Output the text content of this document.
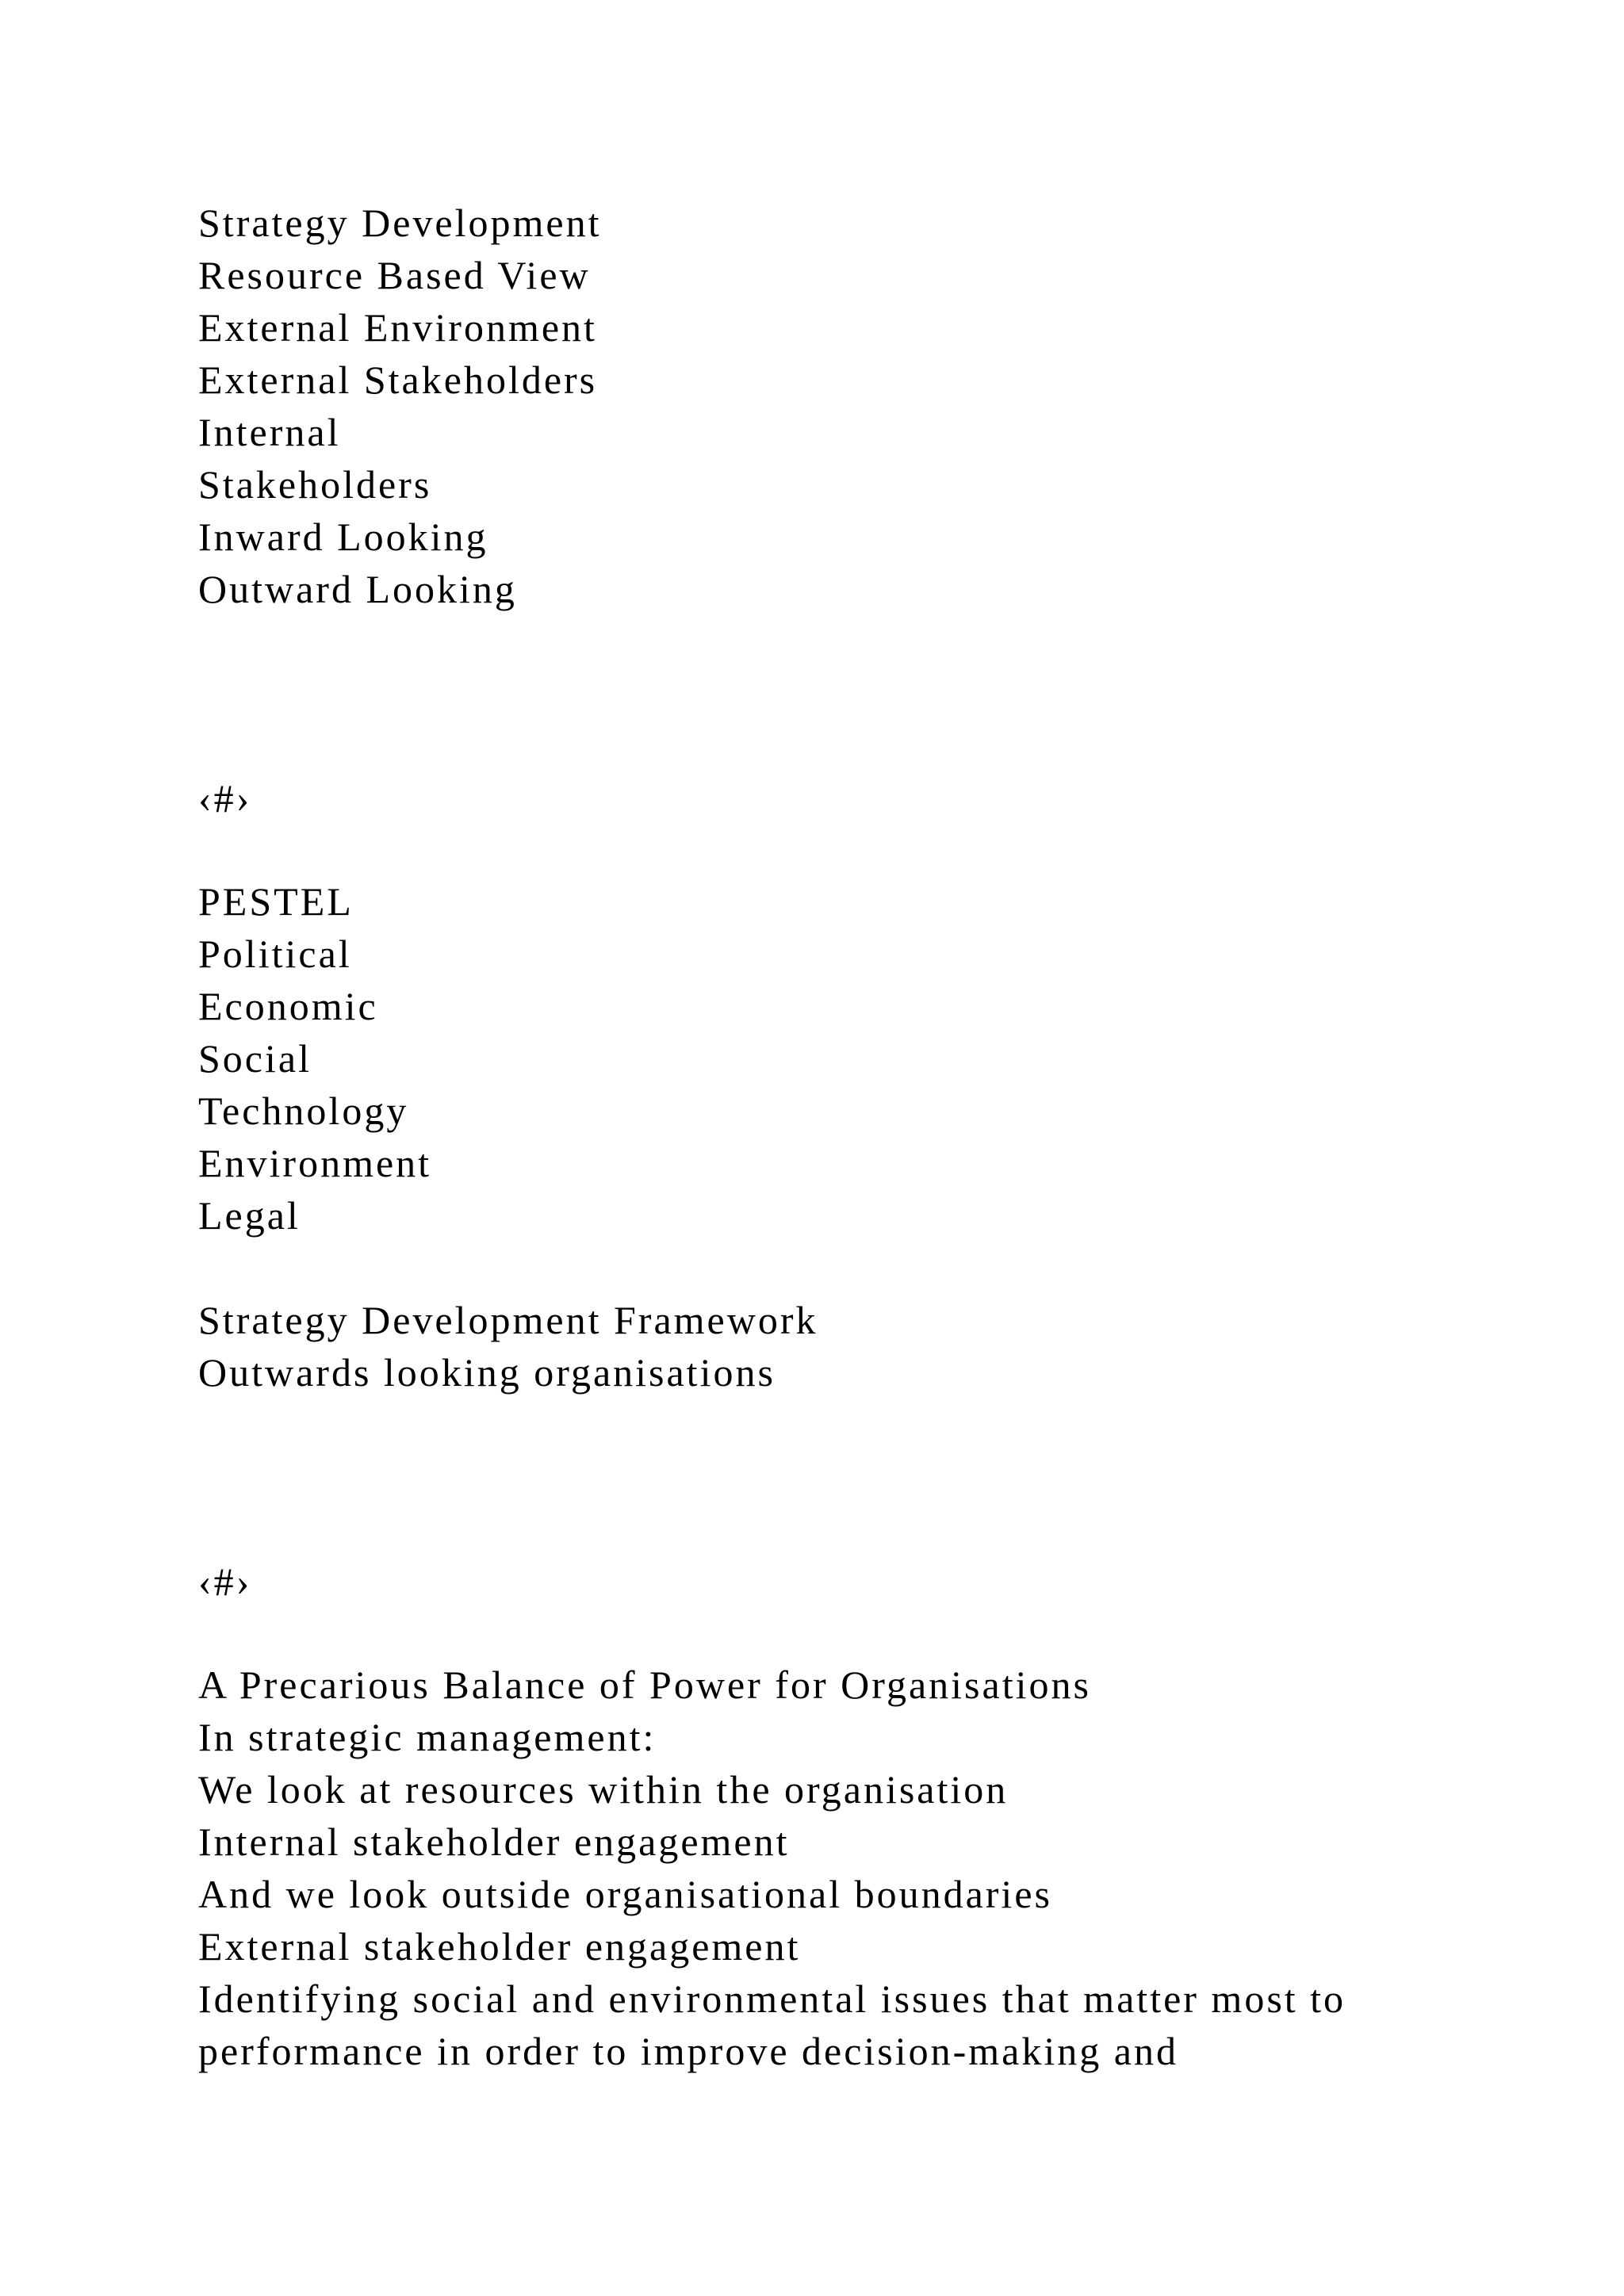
Strategy Development
Resource Based View
External Environment
External Stakeholders
Internal
Stakeholders
Inward Looking
Outward Looking
‹#›
PESTEL
Political
Economic
Social
Technology
Environment
Legal
Strategy Development Framework
Outwards looking organisations
‹#›
A Precarious Balance of Power for Organisations
In strategic management:
We look at resources within the organisation
Internal stakeholder engagement
And we look outside organisational boundaries
External stakeholder engagement
Identifying social and environmental issues that matter most to
performance in order to improve decision-making and
